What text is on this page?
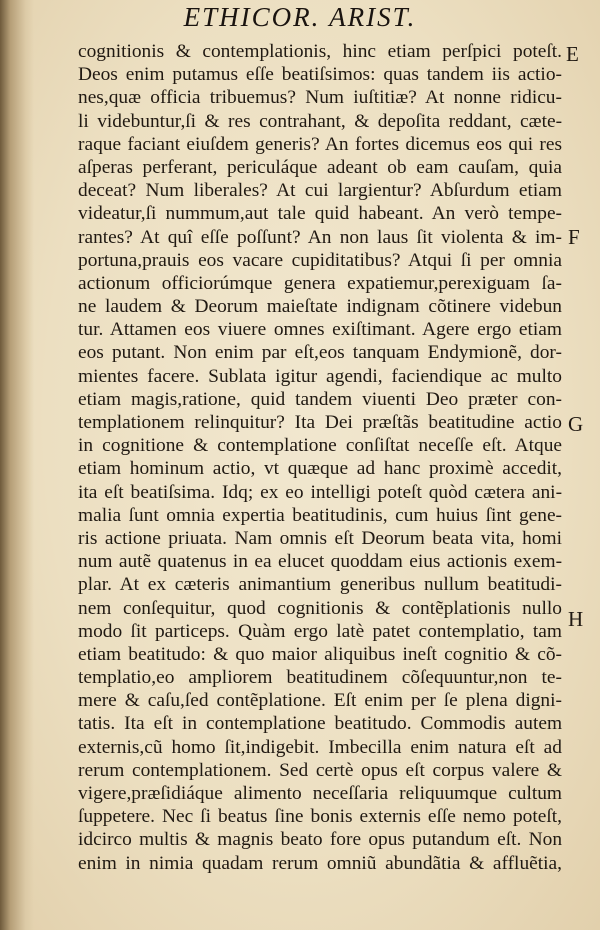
ETHICOR. ARIST.
E
F
G
H
cognitionis & contemplationis, hinc etiam perſpici poteſt.
Deos enim putamus eſſe beatiſsimos: quas tandem iis actio-
nes,quæ officia tribuemus? Num iuſtitiæ? At nonne ridicu-
li videbuntur,ſi & res contrahant, & depoſita reddant, cæte-
raque faciant eiuſdem generis? An fortes dicemus eos qui res
aſperas perferant, periculáque adeant ob eam cauſam, quia
deceat? Num liberales? At cui largientur? Abſurdum etiam
videatur,ſi nummum,aut tale quid habeant. An verò tempe-
rantes? At quî eſſe poſſunt? An non laus ſit violenta & im-
portuna,prauis eos vacare cupiditatibus? Atqui ſi per omnia
actionum officiorúmque genera expatiemur,perexiguam ſa-
ne laudem & Deorum maieſtate indignam cõtinere videbun
tur. Attamen eos viuere omnes exiſtimant. Agere ergo etiam
eos putant. Non enim par eſt,eos tanquam Endymionẽ, dor-
mientes facere. Sublata igitur agendi, faciendique ac multo
etiam magis,ratione, quid tandem viuenti Deo præter con-
templationem relinquitur? Ita Dei præſtãs beatitudine actio
in cognitione & contemplatione conſiſtat neceſſe eſt. Atque
etiam hominum actio, vt quæque ad hanc proximè accedit,
ita eſt beatiſsima. Idq; ex eo intelligi poteſt quòd cætera ani-
malia ſunt omnia expertia beatitudinis, cum huius ſint gene-
ris actione priuata. Nam omnis eſt Deorum beata vita, homi
num autẽ quatenus in ea elucet quoddam eius actionis exem-
plar. At ex cæteris animantium generibus nullum beatitudi-
nem conſequitur, quod cognitionis & contẽplationis nullo
modo ſit particeps. Quàm ergo latè patet contemplatio, tam
etiam beatitudo: & quo maior aliquibus ineſt cognitio & cõ-
templatio,eo ampliorem beatitudinem cõſequuntur,non te-
mere & caſu,ſed contẽplatione. Eſt enim per ſe plena digni-
tatis. Ita eſt in contemplatione beatitudo. Commodis autem
externis,cũ homo ſit,indigebit. Imbecilla enim natura eſt ad
rerum contemplationem. Sed certè opus eſt corpus valere &
vigere,præſidiáque alimento neceſſaria reliquumque cultum
ſuppetere. Nec ſi beatus ſine bonis externis eſſe nemo poteſt,
idcirco multis & magnis beato fore opus putandum eſt. Non
enim in nimia quadam rerum omniũ abundãtia & affluẽtia,
